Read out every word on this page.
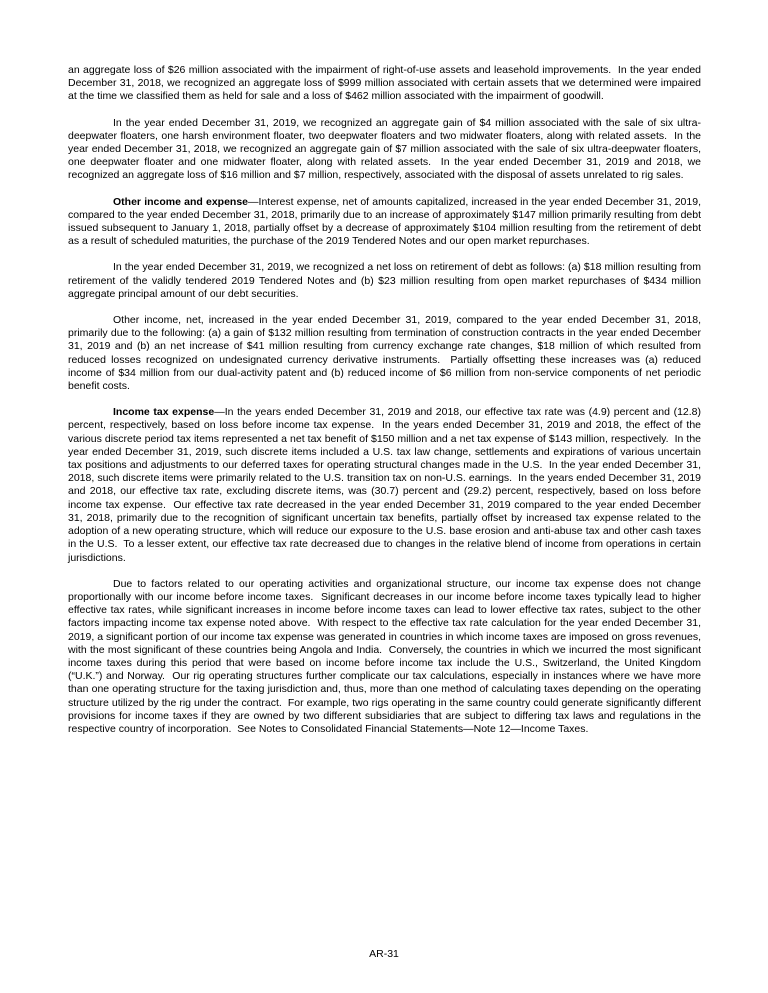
an aggregate loss of $26 million associated with the impairment of right-of-use assets and leasehold improvements.  In the year ended December 31, 2018, we recognized an aggregate loss of $999 million associated with certain assets that we determined were impaired at the time we classified them as held for sale and a loss of $462 million associated with the impairment of goodwill.

In the year ended December 31, 2019, we recognized an aggregate gain of $4 million associated with the sale of six ultra-deepwater floaters, one harsh environment floater, two deepwater floaters and two midwater floaters, along with related assets.  In the year ended December 31, 2018, we recognized an aggregate gain of $7 million associated with the sale of six ultra-deepwater floaters, one deepwater floater and one midwater floater, along with related assets.  In the year ended December 31, 2019 and 2018, we recognized an aggregate loss of $16 million and $7 million, respectively, associated with the disposal of assets unrelated to rig sales.

Other income and expense—Interest expense, net of amounts capitalized, increased in the year ended December 31, 2019, compared to the year ended December 31, 2018, primarily due to an increase of approximately $147 million primarily resulting from debt issued subsequent to January 1, 2018, partially offset by a decrease of approximately $104 million resulting from the retirement of debt as a result of scheduled maturities, the purchase of the 2019 Tendered Notes and our open market repurchases.

In the year ended December 31, 2019, we recognized a net loss on retirement of debt as follows: (a) $18 million resulting from retirement of the validly tendered 2019 Tendered Notes and (b) $23 million resulting from open market repurchases of $434 million aggregate principal amount of our debt securities.

Other income, net, increased in the year ended December 31, 2019, compared to the year ended December 31, 2018, primarily due to the following: (a) a gain of $132 million resulting from termination of construction contracts in the year ended December 31, 2019 and (b) an net increase of $41 million resulting from currency exchange rate changes, $18 million of which resulted from reduced losses recognized on undesignated currency derivative instruments.  Partially offsetting these increases was (a) reduced income of $34 million from our dual-activity patent and (b) reduced income of $6 million from non-service components of net periodic benefit costs.

Income tax expense—In the years ended December 31, 2019 and 2018, our effective tax rate was (4.9) percent and (12.8) percent, respectively, based on loss before income tax expense.  In the years ended December 31, 2019 and 2018, the effect of the various discrete period tax items represented a net tax benefit of $150 million and a net tax expense of $143 million, respectively.  In the year ended December 31, 2019, such discrete items included a U.S. tax law change, settlements and expirations of various uncertain tax positions and adjustments to our deferred taxes for operating structural changes made in the U.S.  In the year ended December 31, 2018, such discrete items were primarily related to the U.S. transition tax on non-U.S. earnings.  In the years ended December 31, 2019 and 2018, our effective tax rate, excluding discrete items, was (30.7) percent and (29.2) percent, respectively, based on loss before income tax expense.  Our effective tax rate decreased in the year ended December 31, 2019 compared to the year ended December 31, 2018, primarily due to the recognition of significant uncertain tax benefits, partially offset by increased tax expense related to the adoption of a new operating structure, which will reduce our exposure to the U.S. base erosion and anti-abuse tax and other cash taxes in the U.S.  To a lesser extent, our effective tax rate decreased due to changes in the relative blend of income from operations in certain jurisdictions.

Due to factors related to our operating activities and organizational structure, our income tax expense does not change proportionally with our income before income taxes.  Significant decreases in our income before income taxes typically lead to higher effective tax rates, while significant increases in income before income taxes can lead to lower effective tax rates, subject to the other factors impacting income tax expense noted above.  With respect to the effective tax rate calculation for the year ended December 31, 2019, a significant portion of our income tax expense was generated in countries in which income taxes are imposed on gross revenues, with the most significant of these countries being Angola and India.  Conversely, the countries in which we incurred the most significant income taxes during this period that were based on income before income tax include the U.S., Switzerland, the United Kingdom (“U.K.”) and Norway.  Our rig operating structures further complicate our tax calculations, especially in instances where we have more than one operating structure for the taxing jurisdiction and, thus, more than one method of calculating taxes depending on the operating structure utilized by the rig under the contract.  For example, two rigs operating in the same country could generate significantly different provisions for income taxes if they are owned by two different subsidiaries that are subject to differing tax laws and regulations in the respective country of incorporation.  See Notes to Consolidated Financial Statements—Note 12—Income Taxes.

AR-31
